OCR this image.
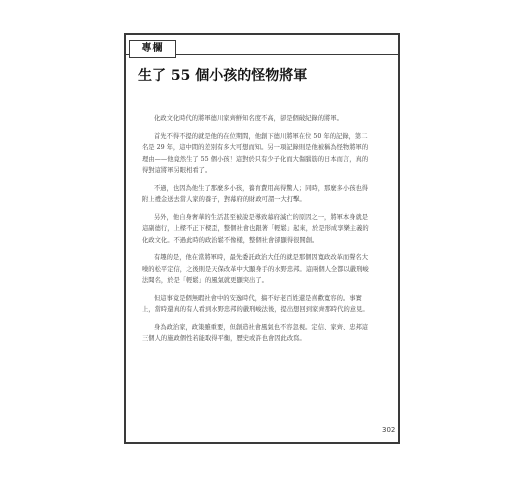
專欄
生了 55 個小孩的怪物將軍

化政文化時代的將軍德川家齊鮮知名度不高，卻是個破紀錄的將軍。

首先不得不提的就是他的在位期間，他創下德川將軍在位 50 年的記錄，第二名是 29 年，這中間的差別有多大可想而知。另一項記錄則是他被稱為怪物將軍的理由——他竟然生了 55 個小孩！這對於只有少子化而大傷腦筋的日本而言，真的得對這將軍另眼相看了。

不過，也因為他生了那麼多小孩，養育費用高得驚人；同時，那麼多小孩也得附上禮金送去當人家的養子，對幕府的財政可謂一大打擊。

另外，他自身奢華的生活甚至被說是導致幕府滅亡的原因之一，將軍本身就是這副德行，上樑不正下樑歪，整個社會也跟著「輕鬆」起來，於是形成享樂主義的化政文化。不過此時的政治鬆不像樣，整個社會卻顯得很開創。

有趣的是，他在當將軍時，最先委託政治大任的就是那個因寬政改革而聲名大噪的松平定信，之後則是天保改革中大顯身手的水野忠邦。這兩個人全都以嚴刑峻法聞名，於是「輕鬆」的風氣就更顯突出了。

但這事竟是個無暇社會中的安逸時代，搞不好老百姓還是喜歡寬容的。事實上，當時還真的有人看到水野忠邦的嚴刑峻法後，提出想回到家齊那時代的意見。

身為政治家，政策雖重要，但創造社會風氣也不容忽視。定信、家齊、忠邦這三個人的施政個性若能取得平衡，歷史或許也會因此改寫。

302
